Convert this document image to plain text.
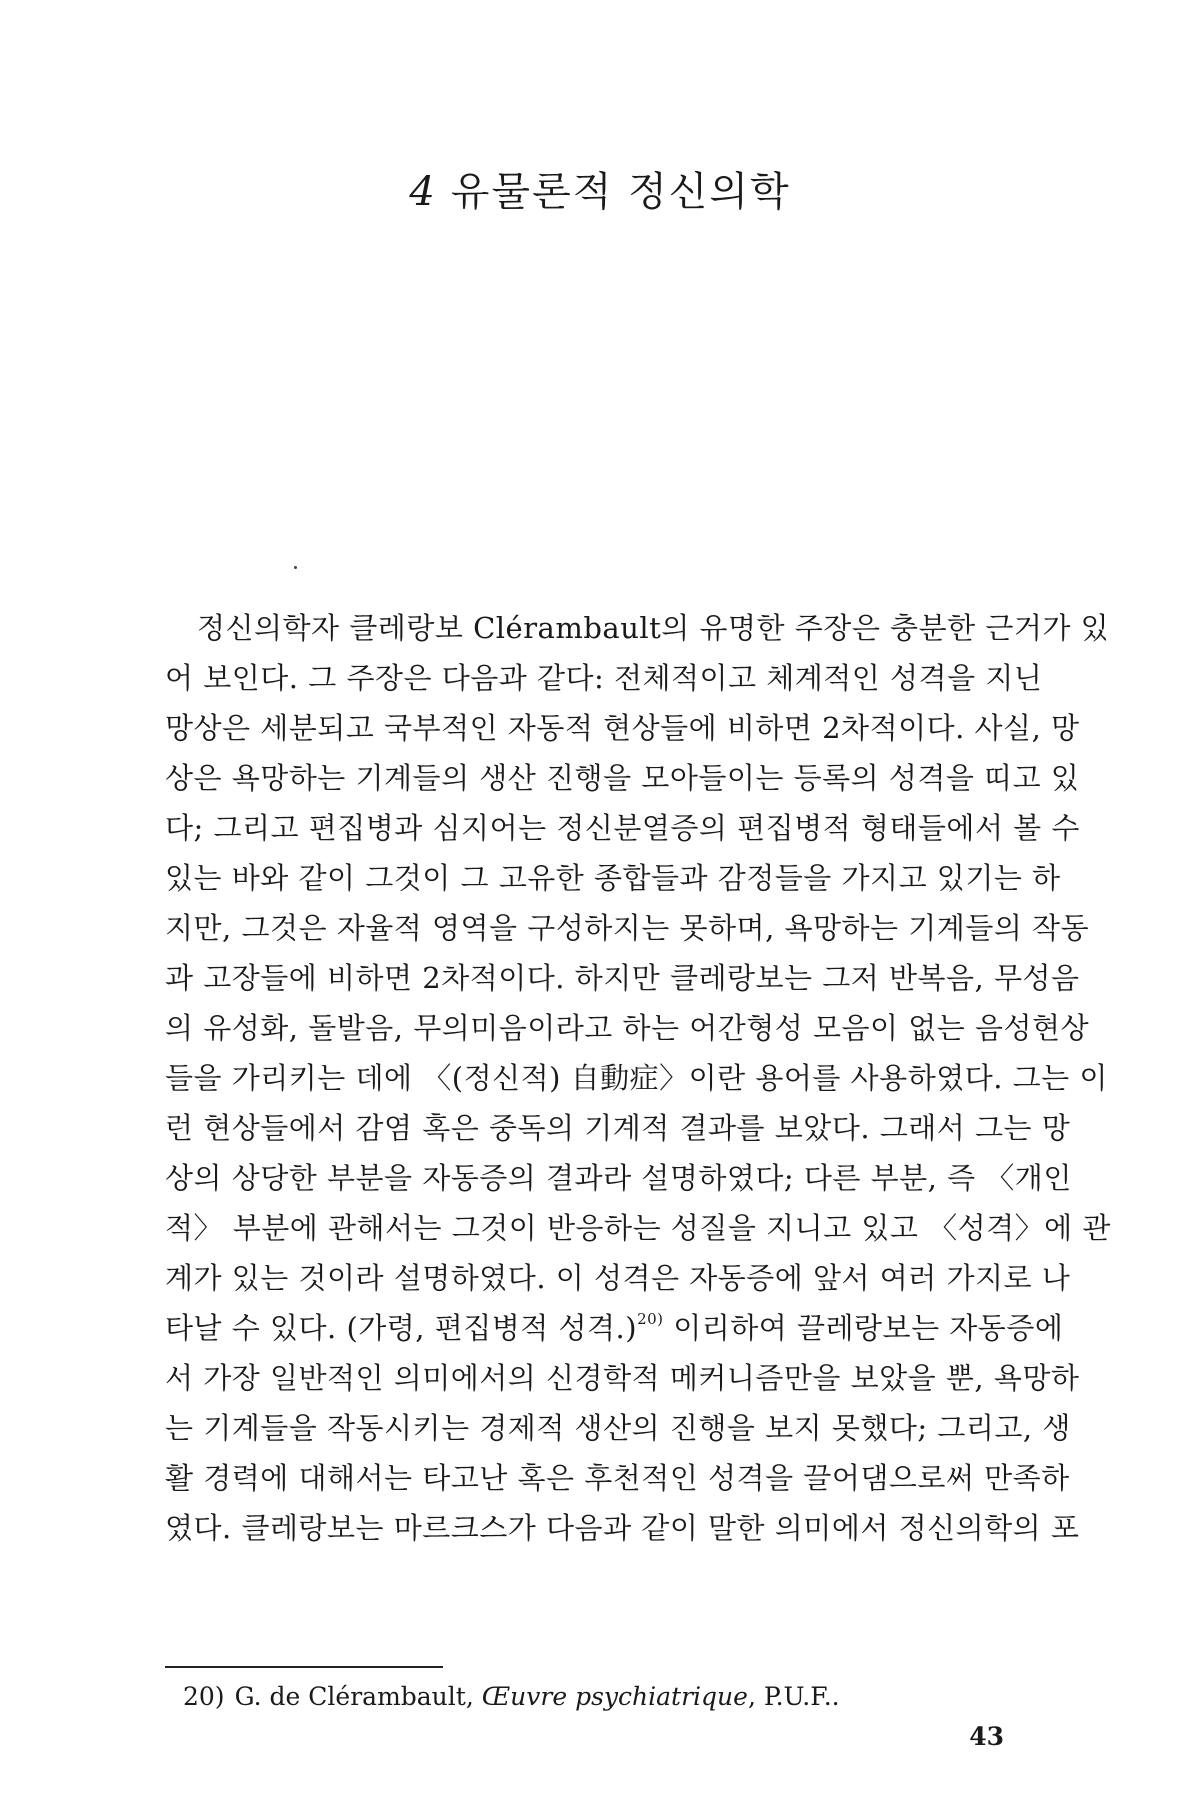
4 유물론적 정신의학
정신의학자 클레랑보 Clérambault의 유명한 주장은 충분한 근거가 있
어 보인다. 그 주장은 다음과 같다: 전체적이고 체계적인 성격을 지닌
망상은 세분되고 국부적인 자동적 현상들에 비하면 2차적이다. 사실, 망
상은 욕망하는 기계들의 생산 진행을 모아들이는 등록의 성격을 띠고 있
다; 그리고 편집병과 심지어는 정신분열증의 편집병적 형태들에서 볼 수
있는 바와 같이 그것이 그 고유한 종합들과 감정들을 가지고 있기는 하
지만, 그것은 자율적 영역을 구성하지는 못하며, 욕망하는 기계들의 작동
과 고장들에 비하면 2차적이다. 하지만 클레랑보는 그저 반복음, 무성음
의 유성화, 돌발음, 무의미음이라고 하는 어간형성 모음이 없는 음성현상
들을 가리키는 데에 〈(정신적) 自動症〉이란 용어를 사용하였다. 그는 이
런 현상들에서 감염 혹은 중독의 기계적 결과를 보았다. 그래서 그는 망
상의 상당한 부분을 자동증의 결과라 설명하였다; 다른 부분, 즉 〈개인
적〉 부분에 관해서는 그것이 반응하는 성질을 지니고 있고 〈성격〉에 관
계가 있는 것이라 설명하였다. 이 성격은 자동증에 앞서 여러 가지로 나
타날 수 있다. (가령, 편집병적 성격.)$^{20)}$ 이리하여 끌레랑보는 자동증에
서 가장 일반적인 의미에서의 신경학적 메커니즘만을 보았을 뿐, 욕망하
는 기계들을 작동시키는 경제적 생산의 진행을 보지 못했다; 그리고, 생
활 경력에 대해서는 타고난 혹은 후천적인 성격을 끌어댐으로써 만족하
였다. 클레랑보는 마르크스가 다음과 같이 말한 의미에서 정신의학의 포
20) G. de Clérambault, Œuvre psychiatrique, P.U.F..
43
